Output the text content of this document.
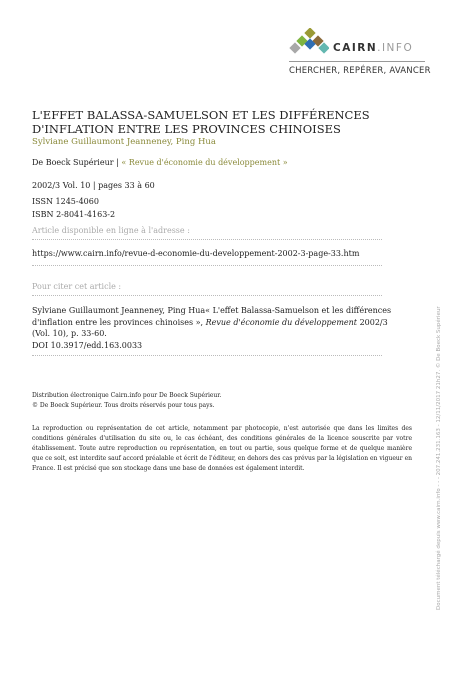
CAIRN.INFO
CHERCHER, REPÉRER, AVANCER
L'EFFET BALASSA-SAMUELSON ET LES DIFFÉRENCES D'INFLATION ENTRE LES PROVINCES CHINOISES
Sylviane Guillaumont Jeanneney, Ping Hua
De Boeck Supérieur | « Revue d'économie du développement »
2002/3 Vol. 10 | pages 33 à 60
ISSN 1245-4060
ISBN 2-8041-4163-2
Article disponible en ligne à l'adresse :
https://www.cairn.info/revue-d-economie-du-developpement-2002-3-page-33.htm
Pour citer cet article :
Sylviane Guillaumont Jeanneney, Ping Hua« L'effet Balassa-Samuelson et les différences d'inflation entre les provinces chinoises », Revue d'économie du développement 2002/3 (Vol. 10), p. 33-60.
DOI 10.3917/edd.163.0033
Distribution électronique Cairn.info pour De Boeck Supérieur.
© De Boeck Supérieur. Tous droits réservés pour tous pays.
La reproduction ou représentation de cet article, notamment par photocopie, n'est autorisée que dans les limites des conditions générales d'utilisation du site ou, le cas échéant, des conditions générales de la licence souscrite par votre établissement. Toute autre reproduction ou représentation, en tout ou partie, sous quelque forme et de quelque manière que ce soit, est interdite sauf accord préalable et écrit de l'éditeur, en dehors des cas prévus par la législation en vigueur en France. Il est précisé que son stockage dans une base de données est également interdit.	Document téléchargé depuis www.cairn.info - - - 207.241.231.163 - 12/11/2017 21h27. © De Boeck Supérieur
